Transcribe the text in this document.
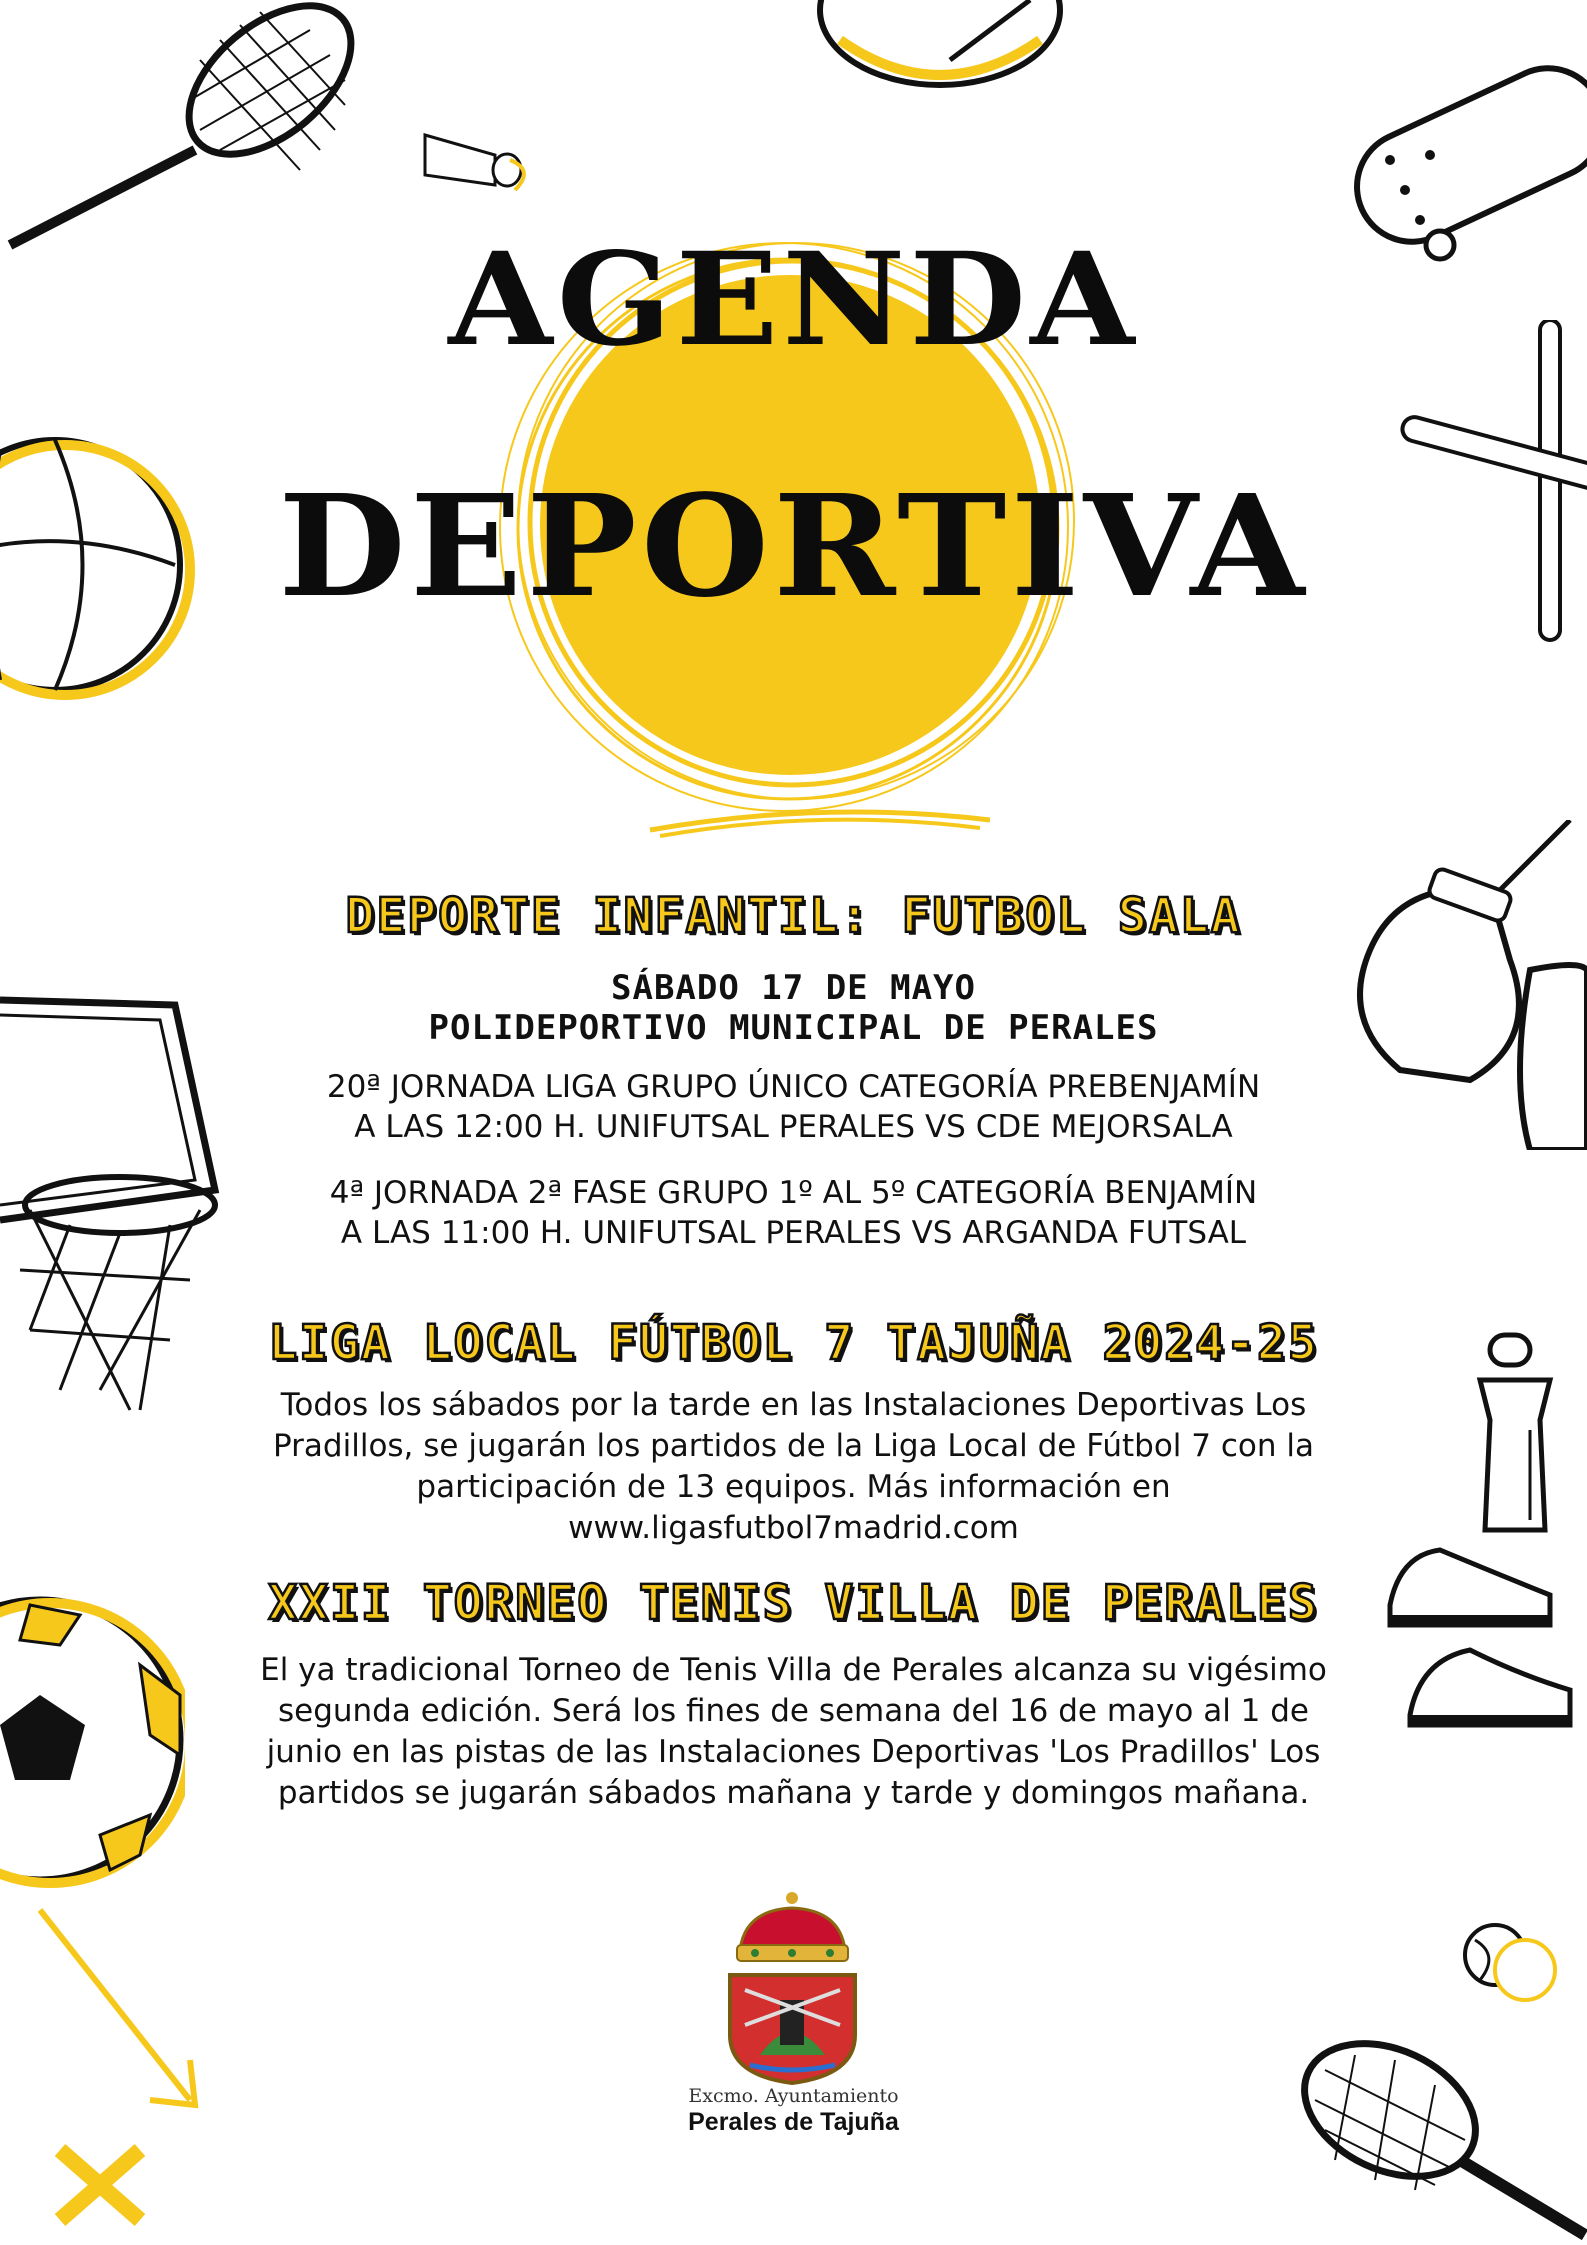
AGENDA
DEPORTIVA
DEPORTE INFANTIL: FUTBOL SALA
SÁBADO 17 DE MAYO
POLIDEPORTIVO MUNICIPAL DE PERALES
20ª JORNADA LIGA GRUPO ÚNICO CATEGORÍA PREBENJAMÍN
A LAS 12:00 H. UNIFUTSAL PERALES VS CDE MEJORSALA
4ª JORNADA 2ª FASE GRUPO 1º AL 5º CATEGORÍA BENJAMÍN
A LAS 11:00 H. UNIFUTSAL PERALES VS ARGANDA FUTSAL
LIGA LOCAL FÚTBOL 7 TAJUÑA 2024-25
Todos los sábados por la tarde en las Instalaciones Deportivas Los Pradillos, se jugarán los partidos de la Liga Local de Fútbol 7 con la participación de 13 equipos. Más información en www.ligasfutbol7madrid.com
XXII TORNEO TENIS VILLA DE PERALES
El ya tradicional Torneo de Tenis Villa de Perales alcanza su vigésimo segunda edición. Será los fines de semana del 16 de mayo al 1 de junio en las pistas de las Instalaciones Deportivas 'Los Pradillos' Los partidos se jugarán sábados mañana y tarde y domingos mañana.
Excmo. Ayuntamiento
Perales de Tajuña
